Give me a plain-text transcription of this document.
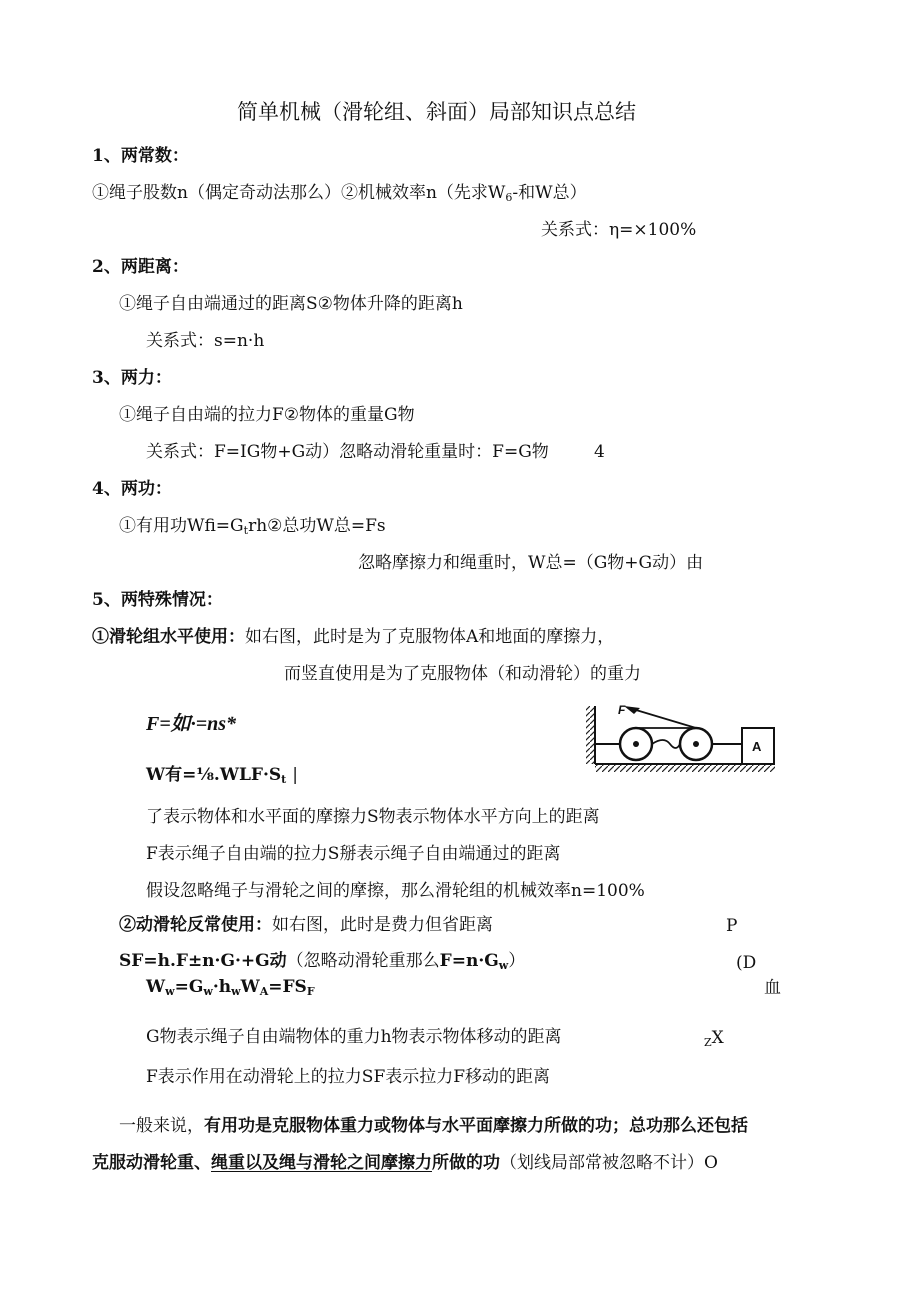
简单机械（滑轮组、斜面）局部知识点总结
1、两常数：
①绳子股数n（偶定奇动法那么）②机械效率n（先求$W_6-$和W总）
关系式：η=×100%
2、两距离：
①绳子自由端通过的距离S②物体升降的距离h
关系式：s=n·h
3、两力：
①绳子自由端的拉力F②物体的重量G物
关系式：F=IG物+G动）忽略动滑轮重量时：F=G物	4
4、两功：
①有用功$Wfi=G_trh②$总功W总=Fs
忽略摩擦力和绳重时，W总=（G物+G动）由
5、两特殊情况：
①滑轮组水平使用：如右图，此时是为了克服物体A和地面的摩擦力，
而竖直使用是为了克服物体（和动滑轮）的重力
F=如·=ns*
W有$=\frac{1}{8}.WLF\cdot S_t$ |
F
A
了表示物体和水平面的摩擦力S物表示物体水平方向上的距离
F表示绳子自由端的拉力S掰表示绳子自由端通过的距离
假设忽略绳子与滑轮之间的摩擦，那么滑轮组的机械效率n=100%
②动滑轮反常使用：如右图，此时是费力但省距离	P
SF=h.F±n·G·+G动（忽略动滑轮重那么$F=n\cdot G_w$）	(D
$W_w=G_w\cdot h_wW_A=FS_F$	血
G物表示绳子自由端物体的重力h物表示物体移动的距离	$_Z$X
F表示作用在动滑轮上的拉力SF表示拉力F移动的距离
一般来说，有用功是克服物体重力或物体与水平面摩擦力所做的功；总功那么还包括
克服动滑轮重、绳重以及绳与滑轮之间摩擦力所做的功（划线局部常被忽略不计）O
